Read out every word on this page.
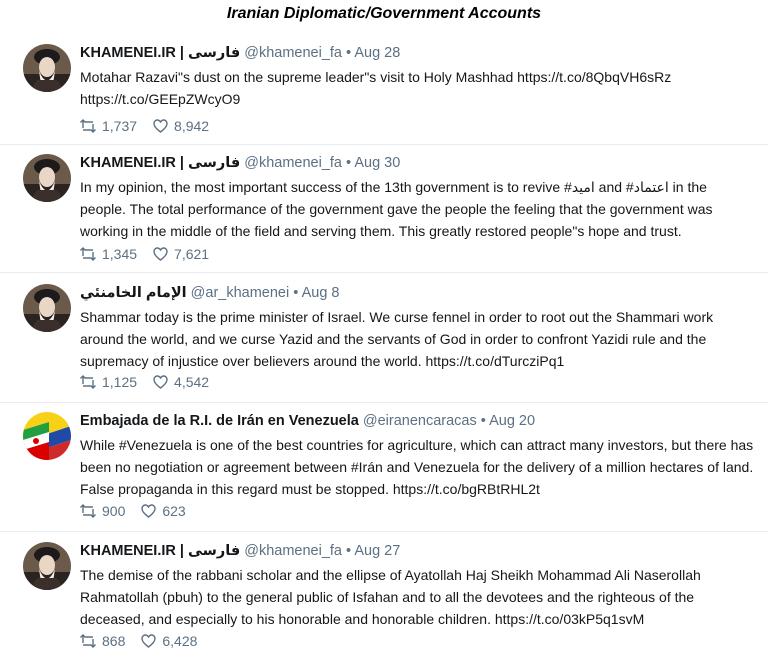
Iranian Diplomatic/Government Accounts
KHAMENEI.IR | فارسی @khamenei_fa • Aug 28
Motahar Razavi"s dust on the supreme leader"s visit to Holy Mashhad https://t.co/8QbqVH6sRz https://t.co/GEEpZWcyO9
1,737	8,942
KHAMENEI.IR | فارسی @khamenei_fa • Aug 30
In my opinion, the most important success of the 13th government is to revive #امید and #اعتماد in the people. The total performance of the government gave the people the feeling that the government was working in the middle of the field and serving them. This greatly restored people"s hope and trust.
1,345	7,621
الإمام الخامنئي @ar_khamenei • Aug 8
Shammar today is the prime minister of Israel. We curse fennel in order to root out the Shammari work around the world, and we curse Yazid and the servants of God in order to confront Yazidi rule and the supremacy of injustice over believers around the world. https://t.co/dTurcziPq1
1,125	4,542
Embajada de la R.I. de Irán en Venezuela @eiranencaracas • Aug 20
While #Venezuela is one of the best countries for agriculture, which can attract many investors, but there has been no negotiation or agreement between #Irán and Venezuela for the delivery of a million hectares of land. False propaganda in this regard must be stopped. https://t.co/bgRBtRHL2t
900	623
KHAMENEI.IR | فارسی @khamenei_fa • Aug 27
The demise of the rabbani scholar and the ellipse of Ayatollah Haj Sheikh Mohammad Ali Naserollah Rahmatollah (pbuh) to the general public of Isfahan and to all the devotees and the righteous of the deceased, and especially to his honorable and honorable children. https://t.co/03kP5q1svM
868	6,428
